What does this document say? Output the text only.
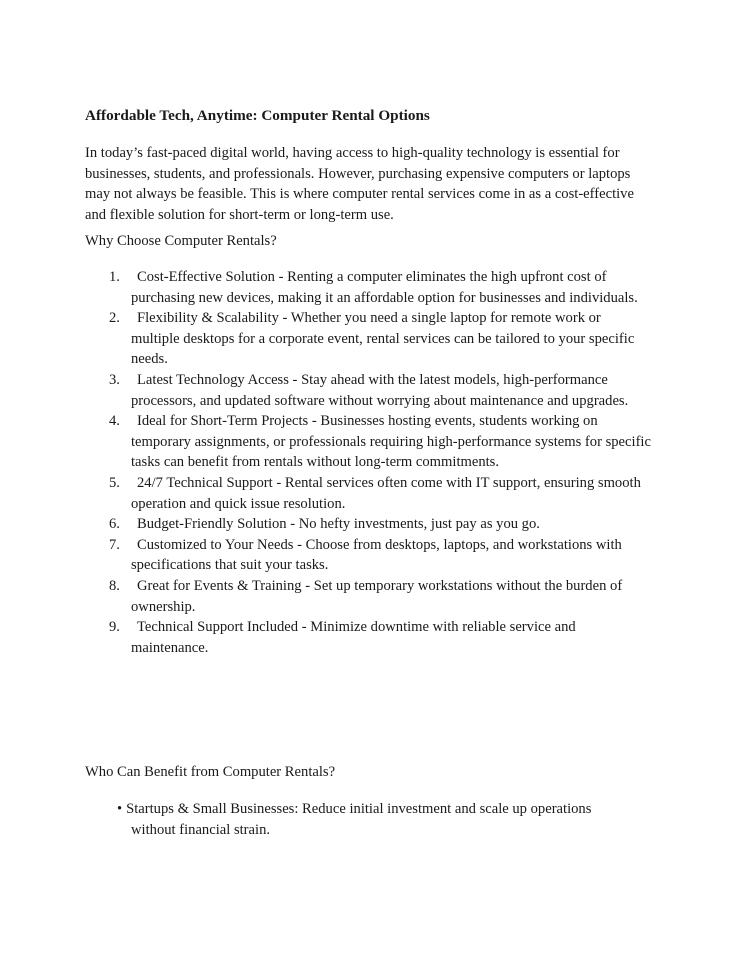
Affordable Tech, Anytime: Computer Rental Options

In today’s fast-paced digital world, having access to high-quality technology is essential for businesses, students, and professionals. However, purchasing expensive computers or laptops may not always be feasible. This is where computer rental services come in as a cost-effective and flexible solution for short-term or long-term use.

Why Choose Computer Rentals?

1. Cost-Effective Solution - Renting a computer eliminates the high upfront cost of purchasing new devices, making it an affordable option for businesses and individuals.
2. Flexibility & Scalability - Whether you need a single laptop for remote work or multiple desktops for a corporate event, rental services can be tailored to your specific needs.
3. Latest Technology Access - Stay ahead with the latest models, high-performance processors, and updated software without worrying about maintenance and upgrades.
4. Ideal for Short-Term Projects - Businesses hosting events, students working on temporary assignments, or professionals requiring high-performance systems for specific tasks can benefit from rentals without long-term commitments.
5. 24/7 Technical Support - Rental services often come with IT support, ensuring smooth operation and quick issue resolution.
6. Budget-Friendly Solution - No hefty investments, just pay as you go.
7. Customized to Your Needs - Choose from desktops, laptops, and workstations with specifications that suit your tasks.
8. Great for Events & Training - Set up temporary workstations without the burden of ownership.
9. Technical Support Included - Minimize downtime with reliable service and maintenance.

Who Can Benefit from Computer Rentals?

• Startups & Small Businesses: Reduce initial investment and scale up operations without financial strain.
